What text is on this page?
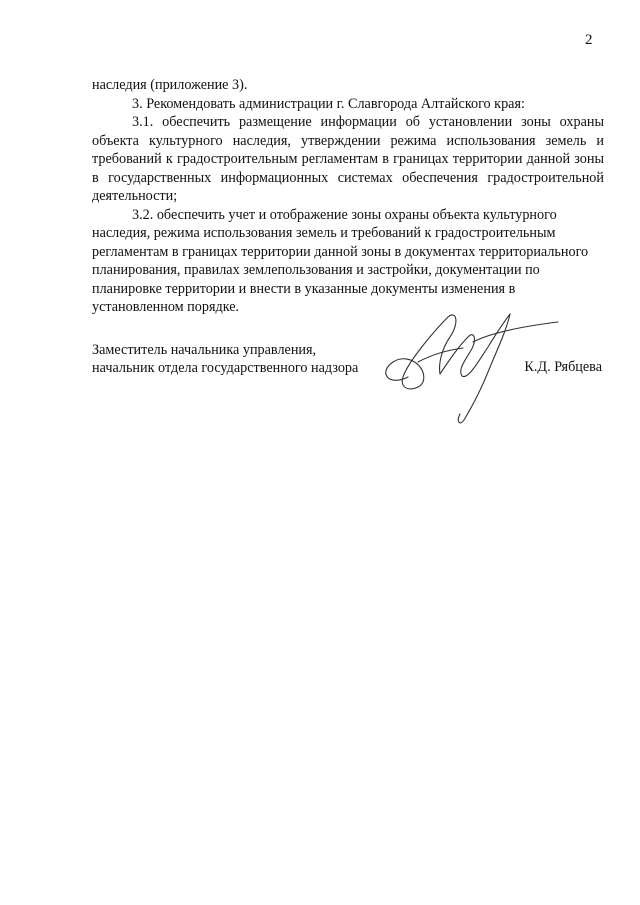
2

наследия (приложение 3).

3. Рекомендовать администрации г. Славгорода Алтайского края:

3.1. обеспечить размещение информации об установлении зоны охраны объекта культурного наследия, утверждении режима использования земель и требований к градостроительным регламентам в границах территории данной зоны в государственных информационных системах обеспечения градостроительной деятельности;

3.2. обеспечить учет и отображение зоны охраны объекта культурного наследия, режима использования земель и требований к градостроительным регламентам в границах территории данной зоны в документах территориального планирования, правилах землепользования и застройки, документации по планировке территории и внести в указанные документы изменения в установленном порядке.

Заместитель начальника управления,
начальник отдела государственного надзора	К.Д. Рябцева
